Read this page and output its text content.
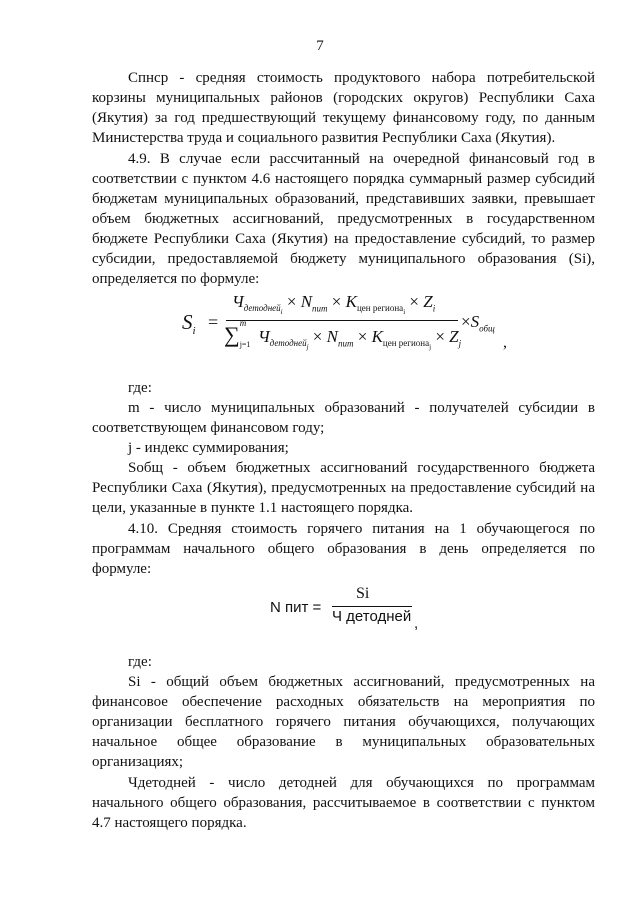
7
Спнср - средняя стоимость продуктового набора потребительской
корзины муниципальных районов (городских округов) Республики Саха
(Якутия) за год предшествующий текущему финансовому году, по данным
Министерства труда и социального развития Республики Саха (Якутия).
4.9. В случае если рассчитанный на очередной финансовый год в
соответствии с пунктом 4.6 настоящего порядка суммарный размер субсидий
бюджетам муниципальных образований, представивших заявки, превышает
объем бюджетных ассигнований, предусмотренных в государственном
бюджете Республики Саха (Якутия) на предоставление субсидий, то размер
субсидии, предоставляемой бюджету муниципального образования (Si),
определяется по формуле:
$S_i$ =
$Ч_{детодней_i} \times N_{пит} \times K_{цен региона_i} \times Z_i$
∑ m
j=1 $Ч_{детодней_j} \times N_{пит} \times K_{цен региона_j} \times Z_j$
$\times S_{общ}$
,
где:
m - число муниципальных образований - получателей субсидии в
соответствующем финансовом году;
j - индекс суммирования;
Sобщ - объем бюджетных ассигнований государственного бюджета
Республики Саха (Якутия), предусмотренных на предоставление субсидий на
цели, указанные в пункте 1.1 настоящего порядка.
4.10. Средняя стоимость горячего питания на 1 обучающегося по
программам начального общего образования в день определяется по
формуле:
N пит =
Si
Ч детодней ,
где:
Si - общий объем бюджетных ассигнований, предусмотренных на
финансовое обеспечение расходных обязательств на мероприятия по
организации бесплатного горячего питания обучающихся, получающих
начальное общее образование в муниципальных образовательных
организациях;
Чдетодней - число детодней для обучающихся по программам
начального общего образования, рассчитываемое в соответствии с пунктом
4.7 настоящего порядка.
